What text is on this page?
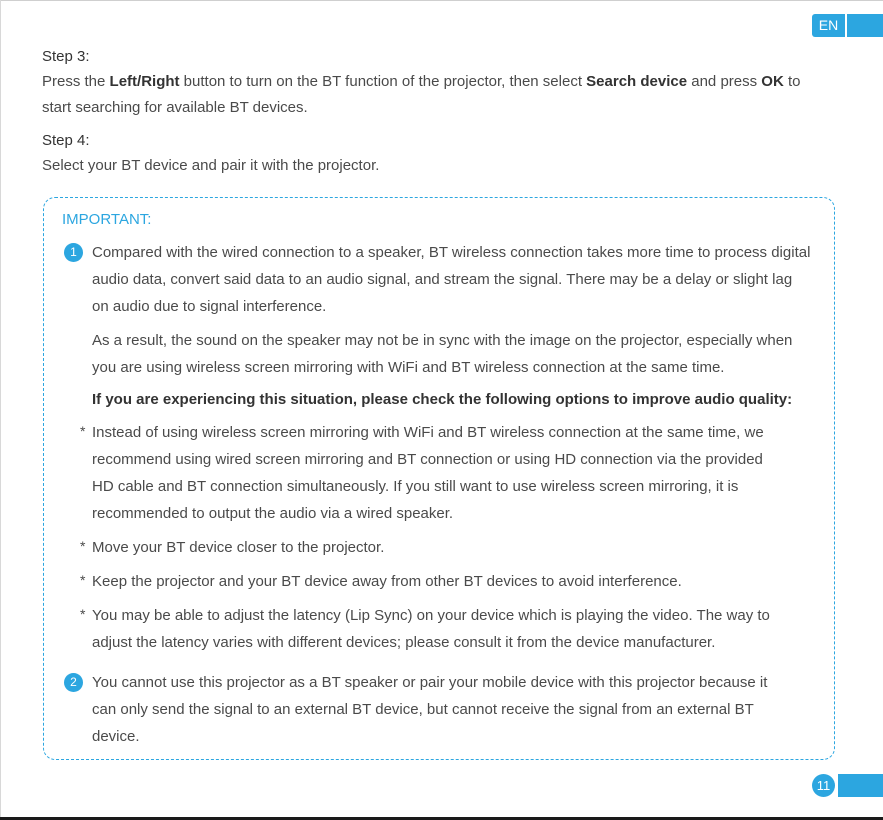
EN
Step 3:
Press the Left/Right button to turn on the BT function of the projector, then select Search device and press OK to start searching for available BT devices.
Step 4:
Select your BT device and pair it with the projector.
IMPORTANT:
1	Compared with the wired connection to a speaker, BT wireless connection takes more time to process digital audio data, convert said data to an audio signal, and stream the signal. There may be a delay or slight lag on audio due to signal interference.
As a result, the sound on the speaker may not be in sync with the image on the projector, especially when you are using wireless screen mirroring with WiFi and BT wireless connection at the same time.
If you are experiencing this situation, please check the following options to improve audio quality:
* Instead of using wireless screen mirroring with WiFi and BT wireless connection at the same time, we recommend using wired screen mirroring and BT connection or using HD connection via the provided HD cable and BT connection simultaneously. If you still want to use wireless screen mirroring, it is recommended to output the audio via a wired speaker.
* Move your BT device closer to the projector.
* Keep the projector and your BT device away from other BT devices to avoid interference.
* You may be able to adjust the latency (Lip Sync) on your device which is playing the video. The way to adjust the latency varies with different devices; please consult it from the device manufacturer.
2	You cannot use this projector as a BT speaker or pair your mobile device with this projector because it can only send the signal to an external BT device, but cannot receive the signal from an external BT device.
11
